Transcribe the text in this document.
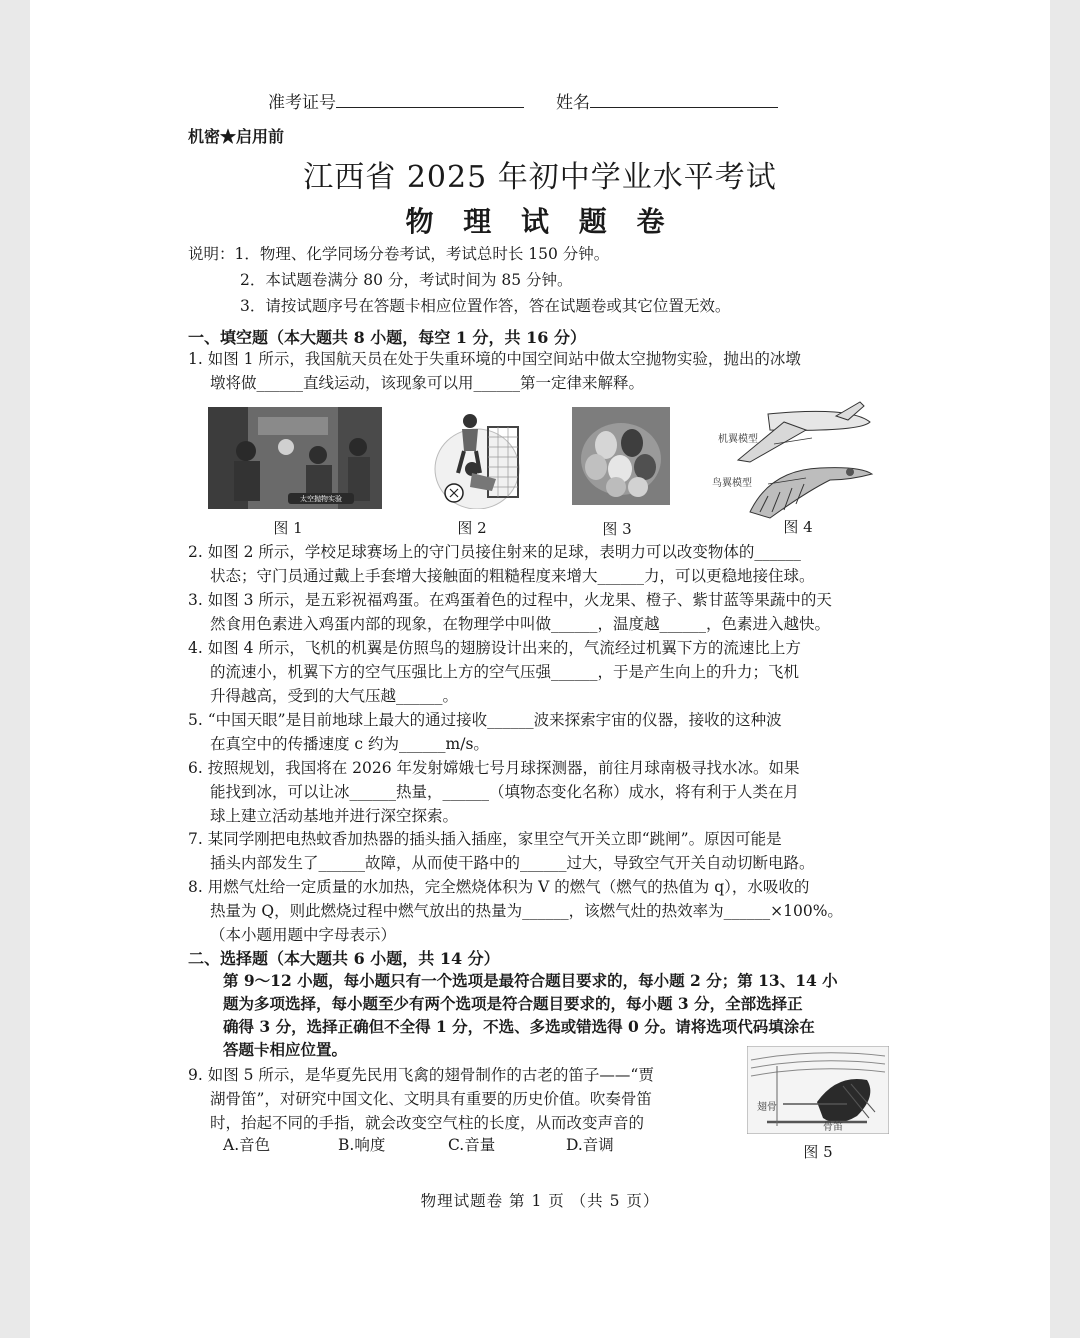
准考证号	姓名
机密★启用前
江西省 2025 年初中学业水平考试
物 理 试 题 卷
说明：1．物理、化学同场分卷考试，考试总时长 150 分钟。
2．本试题卷满分 80 分，考试时间为 85 分钟。
3．请按试题序号在答题卡相应位置作答，答在试题卷或其它位置无效。
一、填空题（本大题共 8 小题，每空 1 分，共 16 分）
1. 如图 1 所示，我国航天员在处于失重环境的中国空间站中做太空抛物实验，抛出的冰墩
墩将做______直线运动，该现象可以用______第一定律来解释。
太空抛物实验
机翼模型
鸟翼模型
图 1	图 2	图 3	图 4
2. 如图 2 所示，学校足球赛场上的守门员接住射来的足球，表明力可以改变物体的______
状态；守门员通过戴上手套增大接触面的粗糙程度来增大______力，可以更稳地接住球。
3. 如图 3 所示，是五彩祝福鸡蛋。在鸡蛋着色的过程中，火龙果、橙子、紫甘蓝等果蔬中的天
然食用色素进入鸡蛋内部的现象，在物理学中叫做______，温度越______，色素进入越快。
4. 如图 4 所示，飞机的机翼是仿照鸟的翅膀设计出来的，气流经过机翼下方的流速比上方
的流速小，机翼下方的空气压强比上方的空气压强______，于是产生向上的升力；飞机
升得越高，受到的大气压越______。
5. “中国天眼”是目前地球上最大的通过接收______波来探索宇宙的仪器，接收的这种波
在真空中的传播速度 c 约为______m/s。
6. 按照规划，我国将在 2026 年发射嫦娥七号月球探测器，前往月球南极寻找水冰。如果
能找到冰，可以让冰______热量，______（填物态变化名称）成水，将有利于人类在月
球上建立活动基地并进行深空探索。
7. 某同学刚把电热蚊香加热器的插头插入插座，家里空气开关立即“跳闸”。原因可能是
插头内部发生了______故障，从而使干路中的______过大，导致空气开关自动切断电路。
8. 用燃气灶给一定质量的水加热，完全燃烧体积为 V 的燃气（燃气的热值为 q），水吸收的
热量为 Q，则此燃烧过程中燃气放出的热量为______，该燃气灶的热效率为______×100%。
（本小题用题中字母表示）
二、选择题（本大题共 6 小题，共 14 分）
第 9～12 小题，每小题只有一个选项是最符合题目要求的，每小题 2 分；第 13、14 小
题为多项选择，每小题至少有两个选项是符合题目要求的，每小题 3 分，全部选择正
确得 3 分，选择正确但不全得 1 分，不选、多选或错选得 0 分。请将选项代码填涂在
答题卡相应位置。
9. 如图 5 所示，是华夏先民用飞禽的翅骨制作的古老的笛子——“贾
湖骨笛”，对研究中国文化、文明具有重要的历史价值。吹奏骨笛
时，抬起不同的手指，就会改变空气柱的长度，从而改变声音的
A.音色	B.响度	C.音量	D.音调
翅骨
骨笛
图 5
物理试题卷 第 1 页 （共 5 页）
